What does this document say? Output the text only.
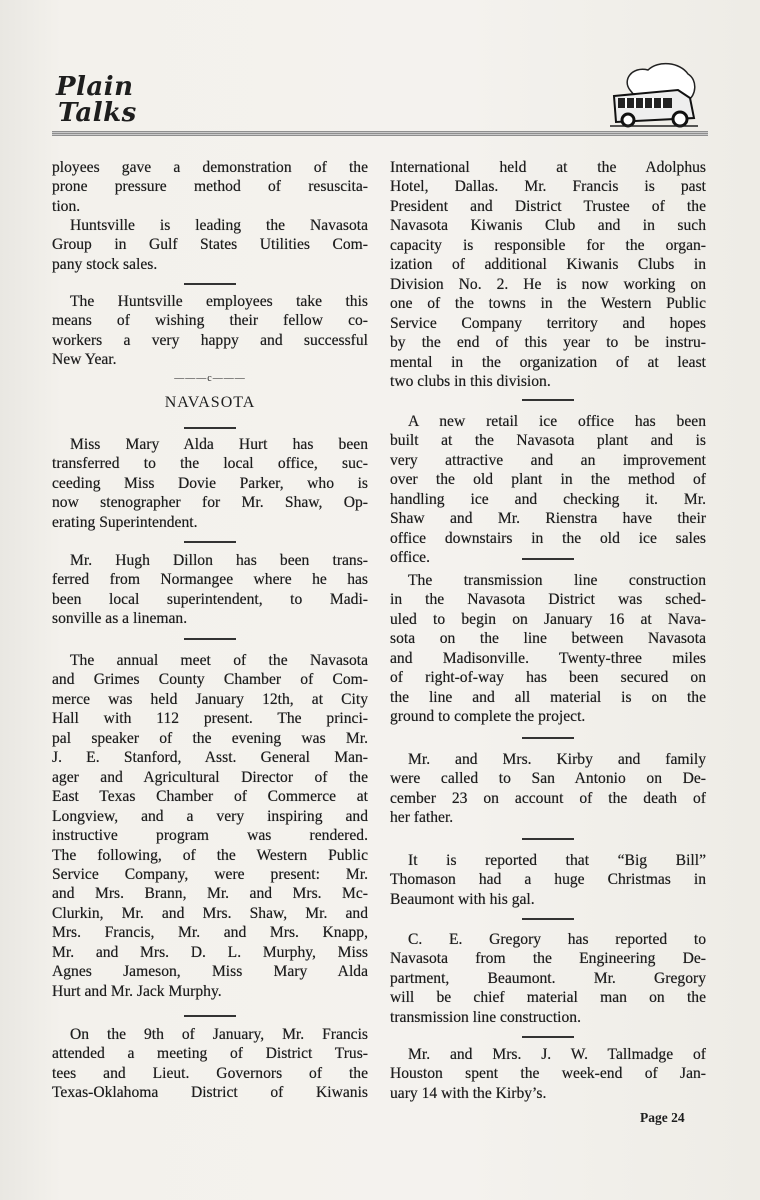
Plain
Talks
ployees gave a demonstration of the
prone pressure method of resuscita-
tion.
Huntsville is leading the Navasota
Group in Gulf States Utilities Com-
pany stock sales.
The Huntsville employees take this
means of wishing their fellow co-
workers a very happy and successful
New Year.
———c———
NAVASOTA
Miss Mary Alda Hurt has been
transferred to the local office, suc-
ceeding Miss Dovie Parker, who is
now stenographer for Mr. Shaw, Op-
erating Superintendent.
Mr. Hugh Dillon has been trans-
ferred from Normangee where he has
been local superintendent, to Madi-
sonville as a lineman.
The annual meet of the Navasota
and Grimes County Chamber of Com-
merce was held January 12th, at City
Hall with 112 present. The princi-
pal speaker of the evening was Mr.
J. E. Stanford, Asst. General Man-
ager and Agricultural Director of the
East Texas Chamber of Commerce at
Longview, and a very inspiring and
instructive program was rendered.
The following, of the Western Public
Service Company, were present: Mr.
and Mrs. Brann, Mr. and Mrs. Mc-
Clurkin, Mr. and Mrs. Shaw, Mr. and
Mrs. Francis, Mr. and Mrs. Knapp,
Mr. and Mrs. D. L. Murphy, Miss
Agnes Jameson, Miss Mary Alda
Hurt and Mr. Jack Murphy.
On the 9th of January, Mr. Francis
attended a meeting of District Trus-
tees and Lieut. Governors of the
Texas-Oklahoma District of Kiwanis
International held at the Adolphus
Hotel, Dallas. Mr. Francis is past
President and District Trustee of the
Navasota Kiwanis Club and in such
capacity is responsible for the organ-
ization of additional Kiwanis Clubs in
Division No. 2. He is now working on
one of the towns in the Western Public
Service Company territory and hopes
by the end of this year to be instru-
mental in the organization of at least
two clubs in this division.
A new retail ice office has been
built at the Navasota plant and is
very attractive and an improvement
over the old plant in the method of
handling ice and checking it. Mr.
Shaw and Mr. Rienstra have their
office downstairs in the old ice sales
office.
The transmission line construction
in the Navasota District was sched-
uled to begin on January 16 at Nava-
sota on the line between Navasota
and Madisonville. Twenty-three miles
of right-of-way has been secured on
the line and all material is on the
ground to complete the project.
Mr. and Mrs. Kirby and family
were called to San Antonio on De-
cember 23 on account of the death of
her father.
It is reported that “Big Bill”
Thomason had a huge Christmas in
Beaumont with his gal.
C. E. Gregory has reported to
Navasota from the Engineering De-
partment, Beaumont. Mr. Gregory
will be chief material man on the
transmission line construction.
Mr. and Mrs. J. W. Tallmadge of
Houston spent the week-end of Jan-
uary 14 with the Kirby’s.
Page 24
